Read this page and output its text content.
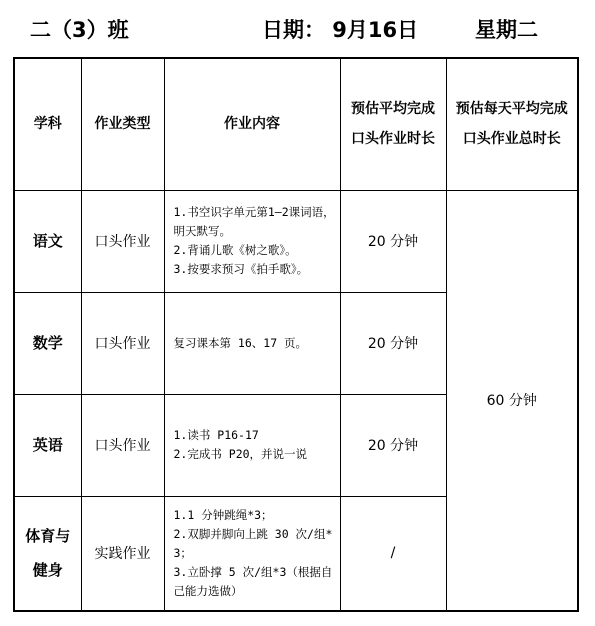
二（3）班	日期： 9月16日	星期二
学科	作业类型	作业内容	预估平均完成口头作业时长	预估每天平均完成口头作业总时长
语文	口头作业	1.书空识字单元第1—2课词语，明天默写。
2.背诵儿歌《树之歌》。
3.按要求预习《拍手歌》。	20 分钟	60 分钟
数学	口头作业	复习课本第 16、17 页。	20 分钟	
英语	口头作业	1.读书 P16-17
2.完成书 P20，并说一说	20 分钟	
体育与健身	实践作业	1.1 分钟跳绳*3；
2.双脚并脚向上跳 30 次/组*3；
3.立卧撑 5 次/组*3（根据自己能力选做）	/	
